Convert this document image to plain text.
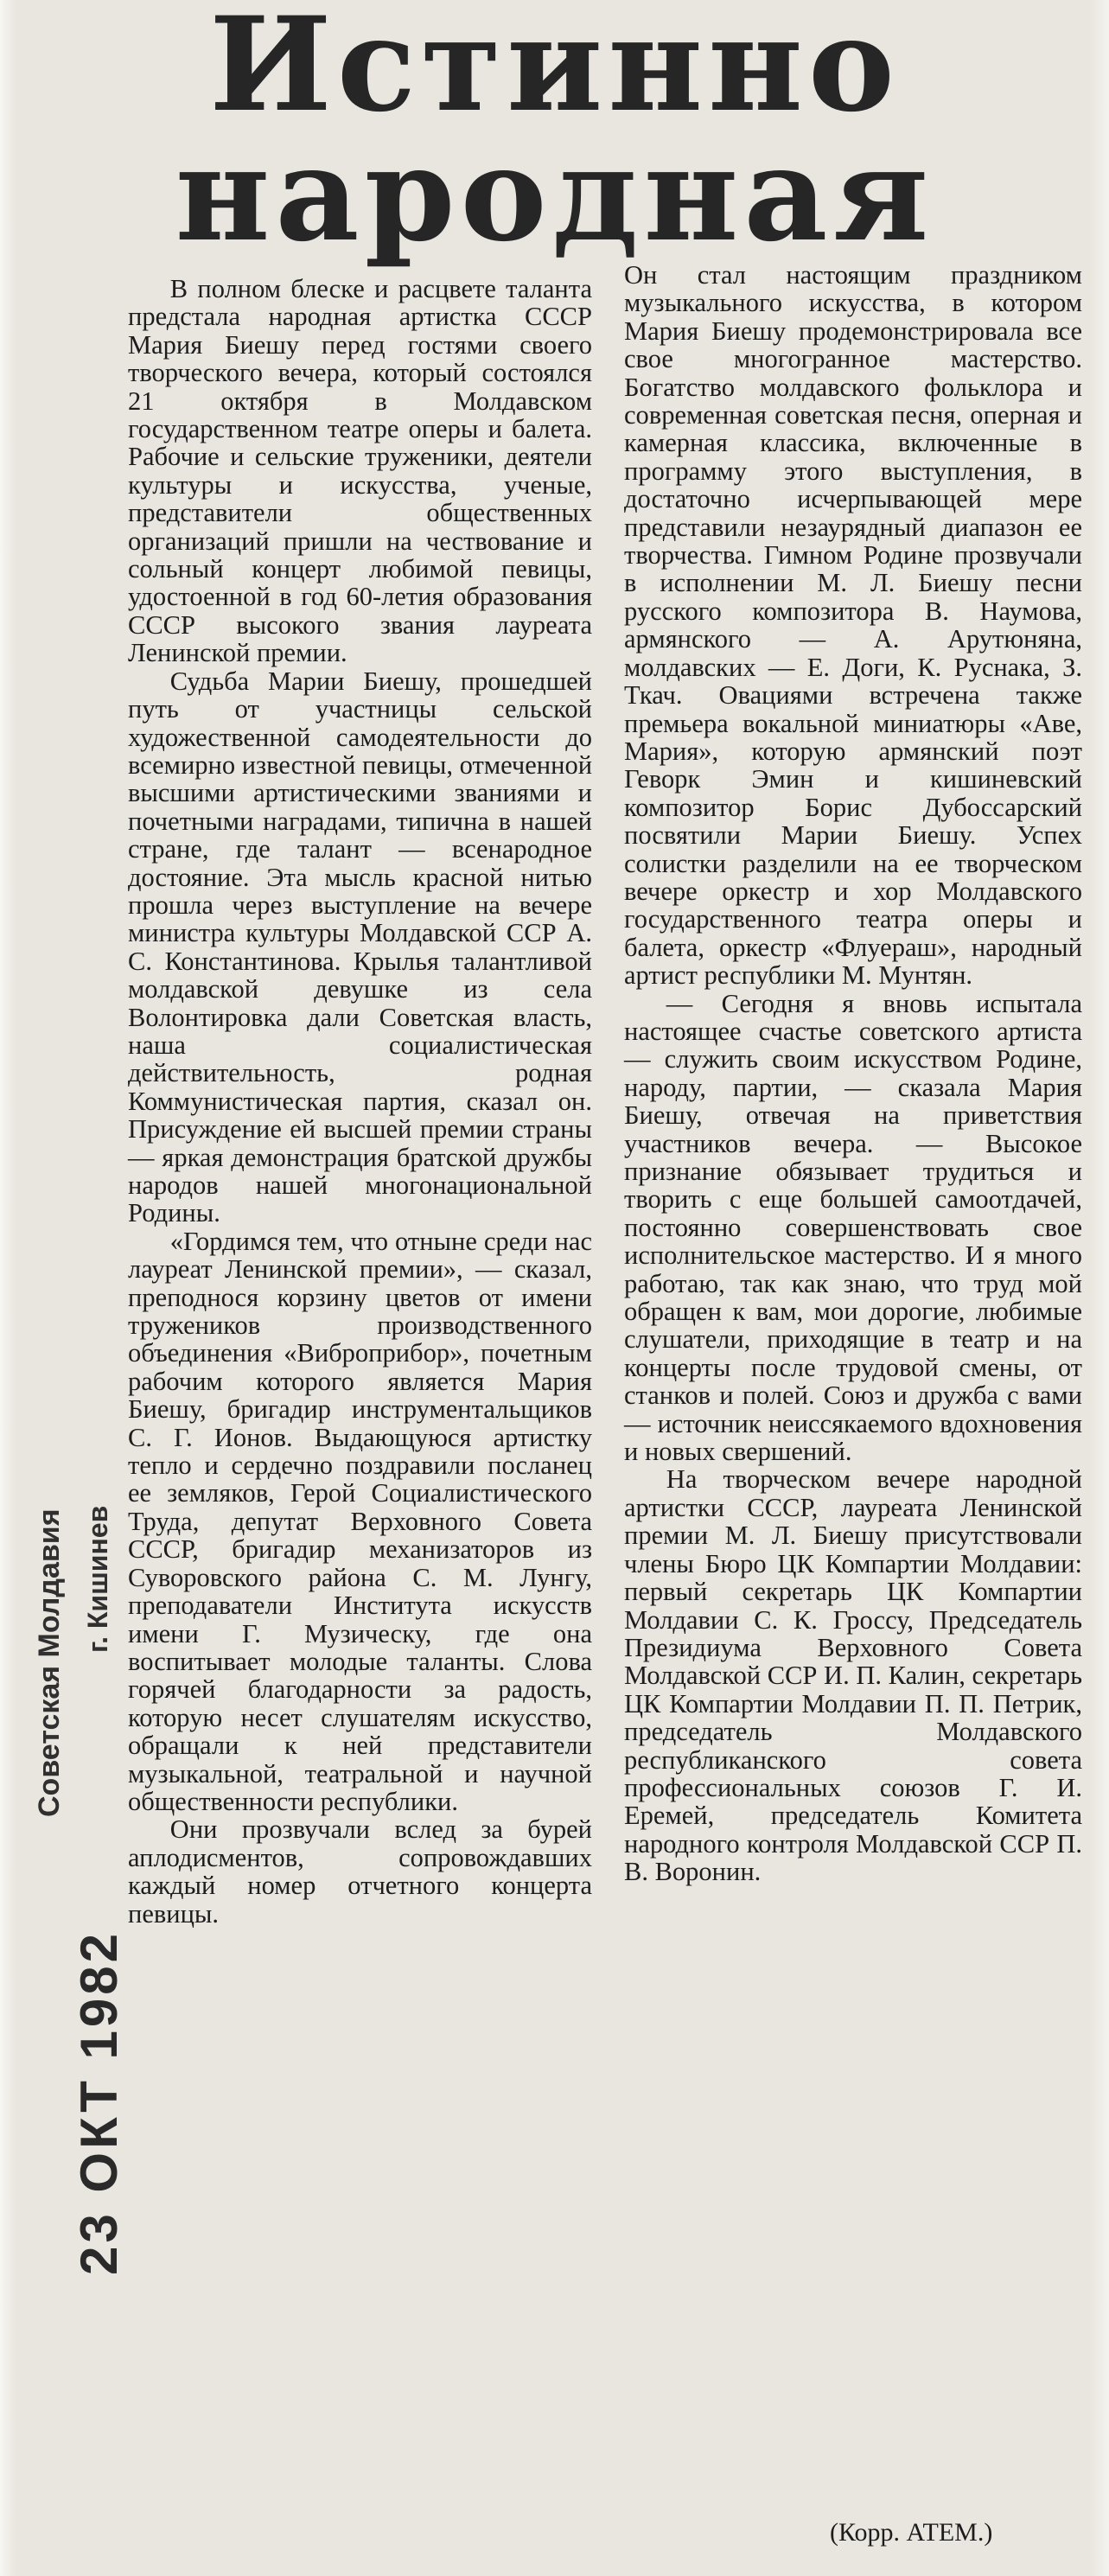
Истинно
народная

В полном блеске и расцвете таланта предстала народная артистка СССР Мария Биешу перед гостями своего творческого вечера, который состоялся 21 октября в Молдавском государственном театре оперы и балета. Рабочие и сельские труженики, деятели культуры и искусства, ученые, представители общественных организаций пришли на чествование и сольный концерт любимой певицы, удостоенной в год 60-летия образования СССР высокого звания лауреата Ленинской премии.

Судьба Марии Биешу, прошедшей путь от участницы сельской художественной самодеятельности до всемирно известной певицы, отмеченной высшими артистическими званиями и почетными наградами, типична в нашей стране, где талант — всенародное достояние. Эта мысль красной нитью прошла через выступление на вечере министра культуры Молдавской ССР А. С. Константинова. Крылья талантливой молдавской девушке из села Волонтировка дали Советская власть, наша социалистическая действительность, родная Коммунистическая партия, сказал он. Присуждение ей высшей премии страны — яркая демонстрация братской дружбы народов нашей многонациональной Родины.

«Гордимся тем, что отныне среди нас лауреат Ленинской премии», — сказал, преподнося корзину цветов от имени тружеников производственного объединения «Виброприбор», почетным рабочим которого является Мария Биешу, бригадир инструментальщиков С. Г. Ионов. Выдающуюся артистку тепло и сердечно поздравили посланец ее земляков, Герой Социалистического Труда, депутат Верховного Совета СССР, бригадир механизаторов из Суворовского района С. М. Лунгу, преподаватели Института искусств имени Г. Музическу, где она воспитывает молодые таланты. Слова горячей благодарности за радость, которую несет слушателям искусство, обращали к ней представители музыкальной, театральной и научной общественности республики.

Они прозвучали вслед за бурей аплодисментов, сопровождавших каждый номер отчетного концерта певицы.

Он стал настоящим праздником музыкального искусства, в котором Мария Биешу продемонстрировала все свое многогранное мастерство. Богатство молдавского фольклора и современная советская песня, оперная и камерная классика, включенные в программу этого выступления, в достаточно исчерпывающей мере представили незаурядный диапазон ее творчества. Гимном Родине прозвучали в исполнении М. Л. Биешу песни русского композитора В. Наумова, армянского — А. Арутюняна, молдавских — Е. Доги, К. Руснака, З. Ткач. Овациями встречена также премьера вокальной миниатюры «Аве, Мария», которую армянский поэт Геворк Эмин и кишиневский композитор Борис Дубоссарский посвятили Марии Биешу. Успех солистки разделили на ее творческом вечере оркестр и хор Молдавского государственного театра оперы и балета, оркестр «Флуераш», народный артист республики М. Мунтян.

— Сегодня я вновь испытала настоящее счастье советского артиста — служить своим искусством Родине, народу, партии, — сказала Мария Биешу, отвечая на приветствия участников вечера. — Высокое признание обязывает трудиться и творить с еще большей самоотдачей, постоянно совершенствовать свое исполнительское мастерство. И я много работаю, так как знаю, что труд мой обращен к вам, мои дорогие, любимые слушатели, приходящие в театр и на концерты после трудовой смены, от станков и полей. Союз и дружба с вами — источник неиссякаемого вдохновения и новых свершений.

На творческом вечере народной артистки СССР, лауреата Ленинской премии М. Л. Биешу присутствовали члены Бюро ЦК Компартии Молдавии: первый секретарь ЦК Компартии Молдавии С. К. Гроссу, Председатель Президиума Верховного Совета Молдавской ССР И. П. Калин, секретарь ЦК Компартии Молдавии П. П. Петрик, председатель Молдавского республиканского совета профессиональных союзов Г. И. Еремей, председатель Комитета народного контроля Молдавской ССР П. В. Воронин.

(Корр. АТЕМ.)
Советская Молдавия г. Кишинев
23 ОКТ 1982
